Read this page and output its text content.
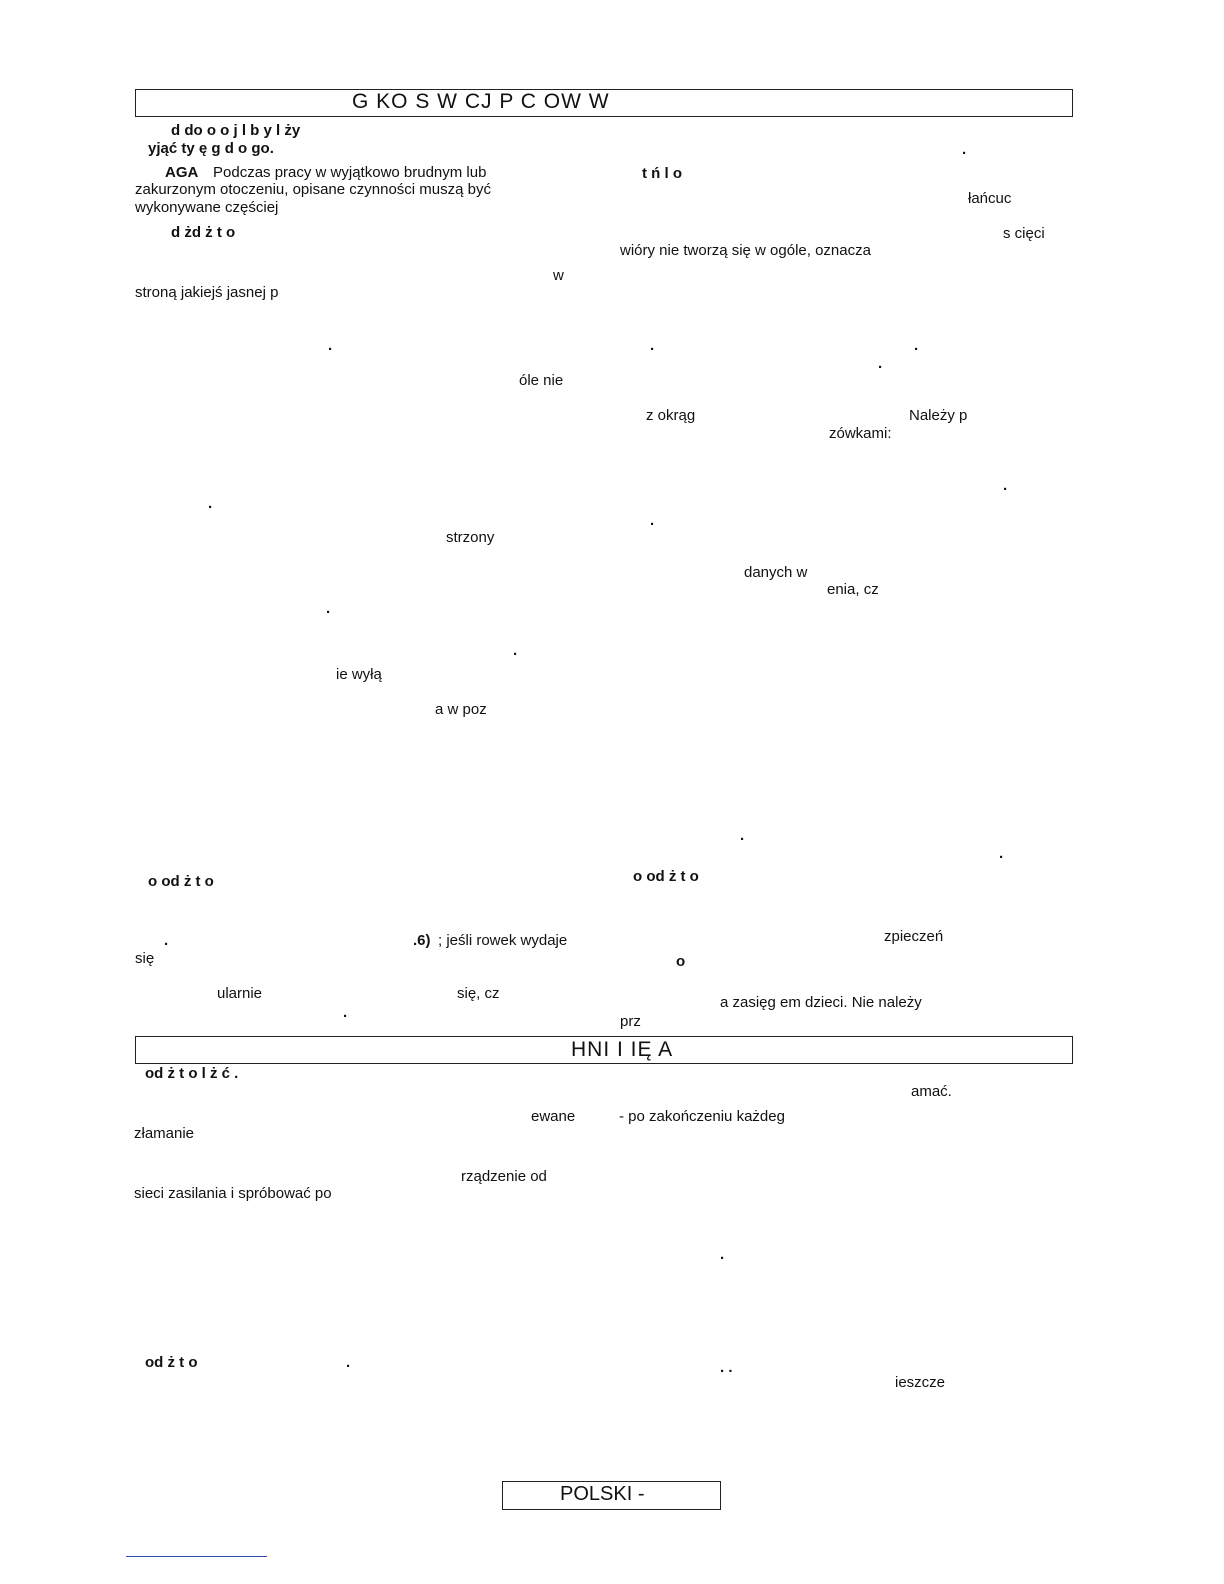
G KO S W CJ P C OW W
d do o o j l b y l ży
yjąć ty ę g d o go.
AGA Podczas pracy w wyjątkowo brudnym lub
zakurzonym otoczeniu, opisane czynności muszą być
wykonywane częściej
d żd ż t o
w
stroną jakiejś jasnej p
.
óle nie
.
strzony
.
.
ie wyłą
a w poz
o od ż t o
.	.6) ; jeśli rowek wydaje
się
ularnie	się, cz
.
t ń l o
.
łańcuc
s cięci
wióry nie tworzą się w ogóle, oznacza
.	.
.
z okrąg	Należy p
zówkami:
.
.
danych w
enia, cz
.
.
o od ż t o
zpieczeń
o
a zasięg em dzieci. Nie należy
prz
HNI I IĘ A
od ż t o l ż ć .
amać.
ewane	- po zakończeniu każdeg
złamanie
rządzenie od
sieci zasilania i spróbować po
.
od ż t o	.	. .
ieszcze
POLSKI -
